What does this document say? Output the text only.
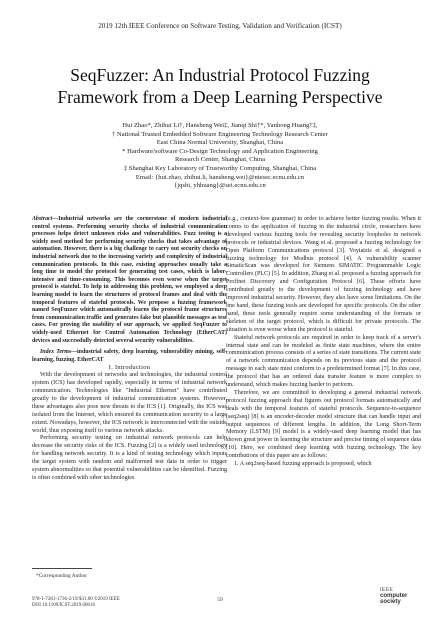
2019 12th IEEE Conference on Software Testing, Validation and Verification (ICST)
SeqFuzzer: An Industrial Protocol Fuzzing
Framework from a Deep Learning Perspective
Hui Zhao*, Zhihui Li†, Hansheng Wei‡, Jianqi Shi†*, Yanhong Huang†‡,
† National Trusted Embedded Software Engineering Technology Research Center
East China Normal University, Shanghai, China
* Hardware/software Co-Design Technology and Application Engineering
Research Center, Shanghai, China
‡ Shanghai Key Laboratory of Trustworthy Computing, Shanghai, China
Email: {hui.zhao, zhihui.li, hansheng.wei}@ntesec.ecnu.edu.cn
{jqshi, yhhuang}@sei.ecnu.edu.cn

Abstract—Industrial networks are the cornerstone of modern industrial control systems. Performing security checks of industrial communication processes helps detect unknown risks and vulnerabilities. Fuzz testing is a widely used method for performing security checks that takes advantage of automation. However, there is a big challenge to carry out security checks on industrial network due to the increasing variety and complexity of industrial communication protocols. In this case, existing approaches usually take a long time to model the protocol for generating test cases, which is labor-intensive and time-consuming. This becomes even worse when the target protocol is stateful. To help in addressing this problem, we employed a deep learning model to learn the structures of protocol frames and deal with the temporal features of stateful protocols. We propose a fuzzing framework named SeqFuzzer which automatically learns the protocol frame structures from communication traffic and generates fake but plausible messages as test cases. For proving the usability of our approach, we applied SeqFuzzer to widely-used Ethernet for Control Automation Technology (EtherCAT) devices and successfully detected several security vulnerabilities.

Index Terms—industrial safety, deep learning, vulnerability mining, self-learning, fuzzing, EtherCAT

I. Introduction

With the development of networks and technologies, the industrial control system (ICS) has developed rapidly, especially in terms of industrial network communication. Technologies like "Industrial Ethernet" have contributed greatly to the development of industrial communication systems. However, these advantages also pose new threats to the ICS [1]. Originally, the ICS was isolated from the Internet, which ensured its communication security to a large extent. Nowadays, however, the ICS network is interconnected with the outside world, thus exposing itself to various network attacks.

Performing security testing on industrial network protocols can help decrease the security risks of the ICS. Fuzzing [2] is a widely used technology for handling network security. It is a kind of testing technology which inputs the target system with random and malformed test data in order to trigger system abnormalities so that potential vulnerabilities can be identified. Fuzzing is often combined with other technologies

(e.g., context-free grammar) in order to achieve better fuzzing results. When it comes to the application of fuzzing in the industrial circle, researchers have developed various fuzzing tools for revealing security loopholes in network protocols or industrial devices. Wang et al. proposed a fuzzing technology for Open Platform Communications protocol [3]. Voyiatzis et al. designed a fuzzing technology for Modbus protocol [4]. A vulnerability scanner SimaticScan was developed for Siemens SIMATIC Programmable Logic Controllers (PLC) [5]. In addition, Zhang et al. proposed a fuzzing approach for Profinet Discovery and Configuration Protocol [6]. These efforts have contributed greatly to the development of fuzzing technology and have improved industrial security. However, they also have some limitations. On the one hand, these fuzzing tools are developed for specific protocols. On the other hand, these tools generally require some understanding of the formats or skeleton of the target protocol, which is difficult for private protocols. The situation is even worse when the protocol is stateful.

Stateful network protocols are required in order to keep track of a server's internal state and can be modeled as finite state machines, where the entire communication process consists of a series of state transitions. The current state of a network communication depends on its previous state and the protocol message in each state must conform to a predetermined format [7]. In this case, the protocol that has an ordered data transfer feature is more complex to understand, which makes fuzzing harder to perform.

Therefore, we are committed to developing a general industrial network protocol fuzzing approach that figures out protocol formats automatically and deals with the temporal features of stateful protocols. Sequence-to-sequence (seq2seq) [8] is an encoder-decoder model structure that can handle input and output sequences of different lengths. In addition, the Long Short-Term Memory (LSTM) [9] model is a widely-used deep learning model that has shown great power in learning the structure and precise timing of sequence data [10]. Here, we combined deep learning with fuzzing technology. The key contributions of this paper are as follows:

1. A seq2seq-based fuzzing approach is proposed, which

*Corresponding Author
978-1-7281-1736-2/19/$31.00 ©2019 IEEE
DOI 10.1109/ICST.2019.00016
59
IEEE
computer
society
